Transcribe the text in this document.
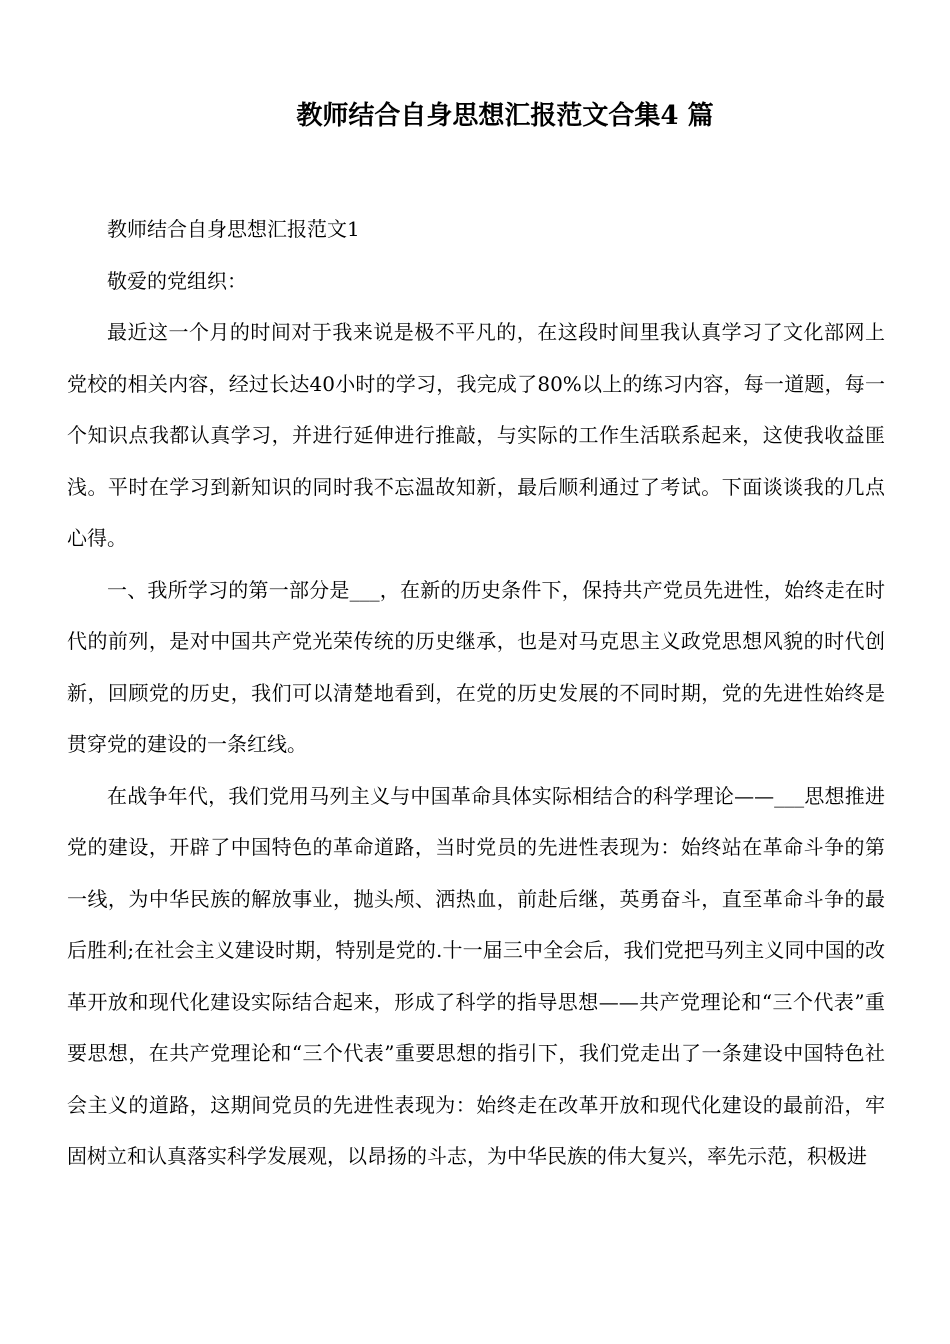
教师结合自身思想汇报范文合集4 篇

教师结合自身思想汇报范文1

敬爱的党组织：

最近这一个月的时间对于我来说是极不平凡的，在这段时间里我认真学习了文化部网上党校的相关内容，经过长达40小时的学习，我完成了80%以上的练习内容，每一道题，每一个知识点我都认真学习，并进行延伸进行推敲，与实际的工作生活联系起来，这使我收益匪浅。平时在学习到新知识的同时我不忘温故知新，最后顺利通过了考试。下面谈谈我的几点心得。

一、我所学习的第一部分是___，在新的历史条件下，保持共产党员先进性，始终走在时代的前列，是对中国共产党光荣传统的历史继承，也是对马克思主义政党思想风貌的时代创新，回顾党的历史，我们可以清楚地看到，在党的历史发展的不同时期，党的先进性始终是贯穿党的建设的一条红线。

在战争年代，我们党用马列主义与中国革命具体实际相结合的科学理论——___思想推进党的建设，开辟了中国特色的革命道路，当时党员的先进性表现为：始终站在革命斗争的第一线，为中华民族的解放事业，抛头颅、洒热血，前赴后继，英勇奋斗，直至革命斗争的最后胜利;在社会主义建设时期，特别是党的.十一届三中全会后，我们党把马列主义同中国的改革开放和现代化建设实际结合起来，形成了科学的指导思想——共产党理论和“三个代表”重要思想，在共产党理论和“三个代表”重要思想的指引下，我们党走出了一条建设中国特色社会主义的道路，这期间党员的先进性表现为：始终走在改革开放和现代化建设的最前沿，牢固树立和认真落实科学发展观，以昂扬的斗志，为中华民族的伟大复兴，率先示范，积极进
